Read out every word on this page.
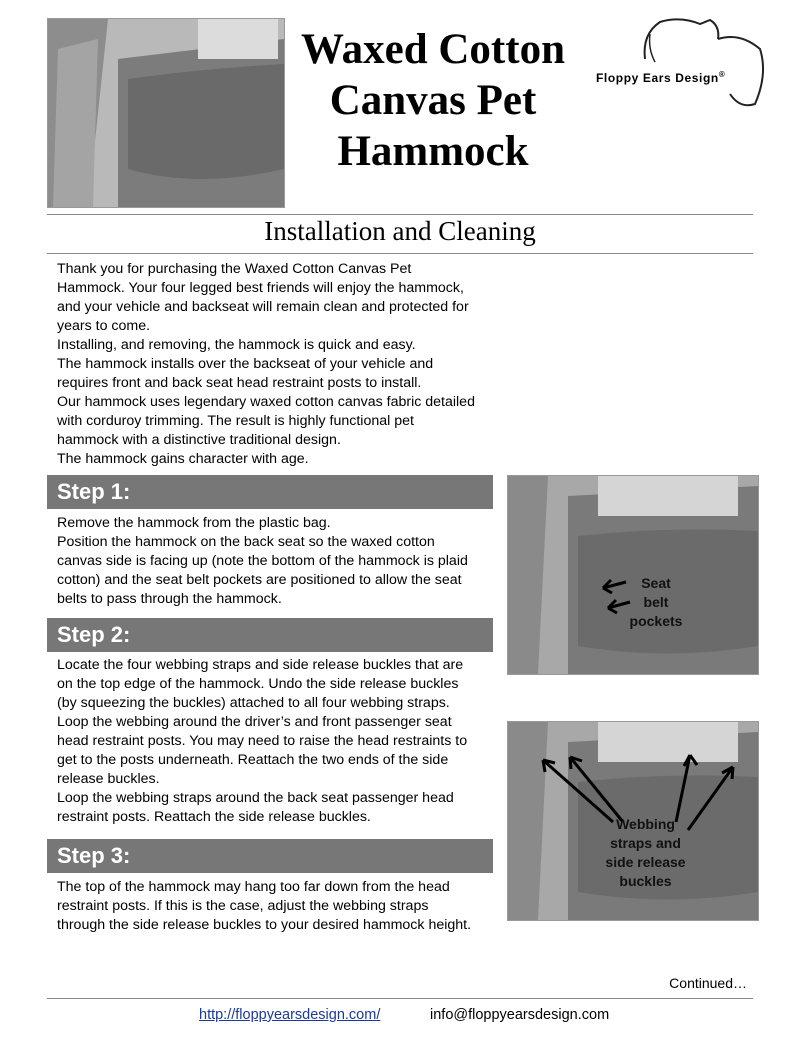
Waxed Cotton
Canvas Pet
Hammock
Floppy Ears Design®
Installation and Cleaning

Thank you for purchasing the Waxed Cotton Canvas Pet

Hammock. Your four legged best friends will enjoy the hammock,

and your vehicle and backseat will remain clean and protected for

years to come.

Installing, and removing, the hammock is quick and easy.

The hammock installs over the backseat of your vehicle and

requires front and back seat head restraint posts to install.

Our hammock uses legendary waxed cotton canvas fabric detailed

with corduroy trimming. The result is highly functional pet

hammock with a distinctive traditional design.

The hammock gains character with age.

Step 1:

Remove the hammock from the plastic bag.

Position the hammock on the back seat so the waxed cotton

canvas side is facing up (note the bottom of the hammock is plaid

cotton) and the seat belt pockets are positioned to allow the seat

belts to pass through the hammock.

Step 2:

Locate the four webbing straps and side release buckles that are

on the top edge of the hammock. Undo the side release buckles

(by squeezing the buckles) attached to all four webbing straps.

Loop the webbing around the driver’s and front passenger seat

head restraint posts. You may need to raise the head restraints to

get to the posts underneath. Reattach the two ends of the side

release buckles.

Loop the webbing straps around the back seat passenger head

restraint posts. Reattach the side release buckles.

Step 3:

The top of the hammock may hang too far down from the head

restraint posts. If this is the case, adjust the webbing straps

through the side release buckles to your desired hammock height.

Seat
belt
pockets
Webbing
straps and
side release
buckles
Continued…
http://floppyearsdesign.com/	info@floppyearsdesign.com
